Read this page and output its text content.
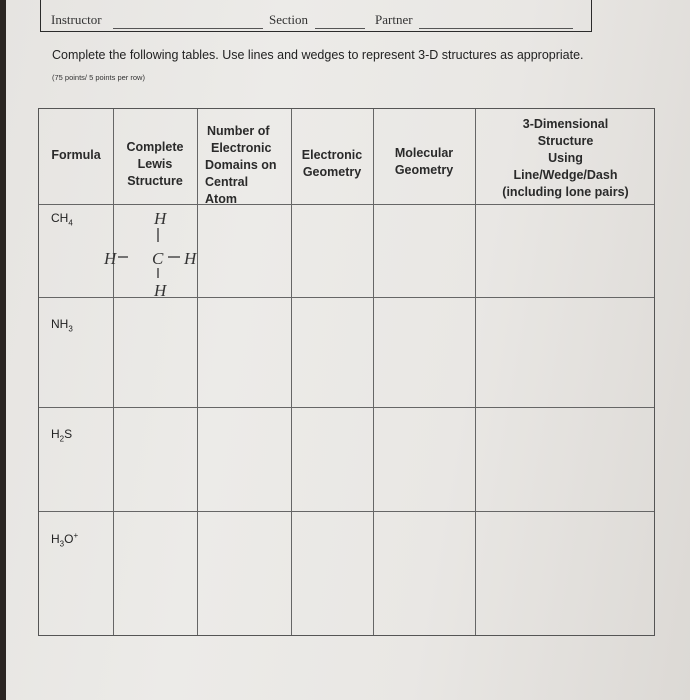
Instructor	Section	Partner
Complete the following tables. Use lines and wedges to represent 3-D structures as appropriate.
(75 points/ 5 points per row)
Formula
Complete
Lewis
Structure
Number of
Electronic
Domains on
Central
Atom
Electronic
Geometry
Molecular
Geometry
3-Dimensional
Structure
Using
Line/Wedge/Dash
(including lone pairs)
$CH_4$
$NH_3$
$H_2S$
$H_3O^+$
H
H C H
H
